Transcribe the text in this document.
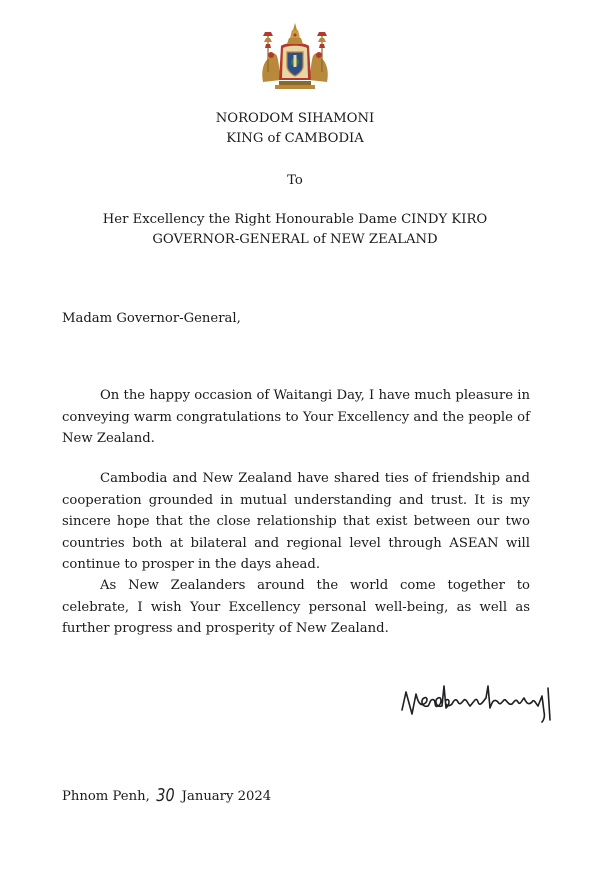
NORODOM SIHAMONI
KING of CAMBODIA
To
Her Excellency the Right Honourable Dame CINDY KIRO
GOVERNOR-GENERAL of NEW ZEALAND
Madam Governor-General,

On the happy occasion of Waitangi Day, I have much pleasure in conveying warm congratulations to Your Excellency and the people of New Zealand.

Cambodia and New Zealand have shared ties of friendship and cooperation grounded in mutual understanding and trust. It is my sincere hope that the close relationship that exist between our two countries both at bilateral and regional level through ASEAN will continue to prosper in the days ahead.

As New Zealanders around the world come together to celebrate, I wish Your Excellency personal well-being, as well as further progress and prosperity of New Zealand.

Phnom Penh, 30 January 2024
